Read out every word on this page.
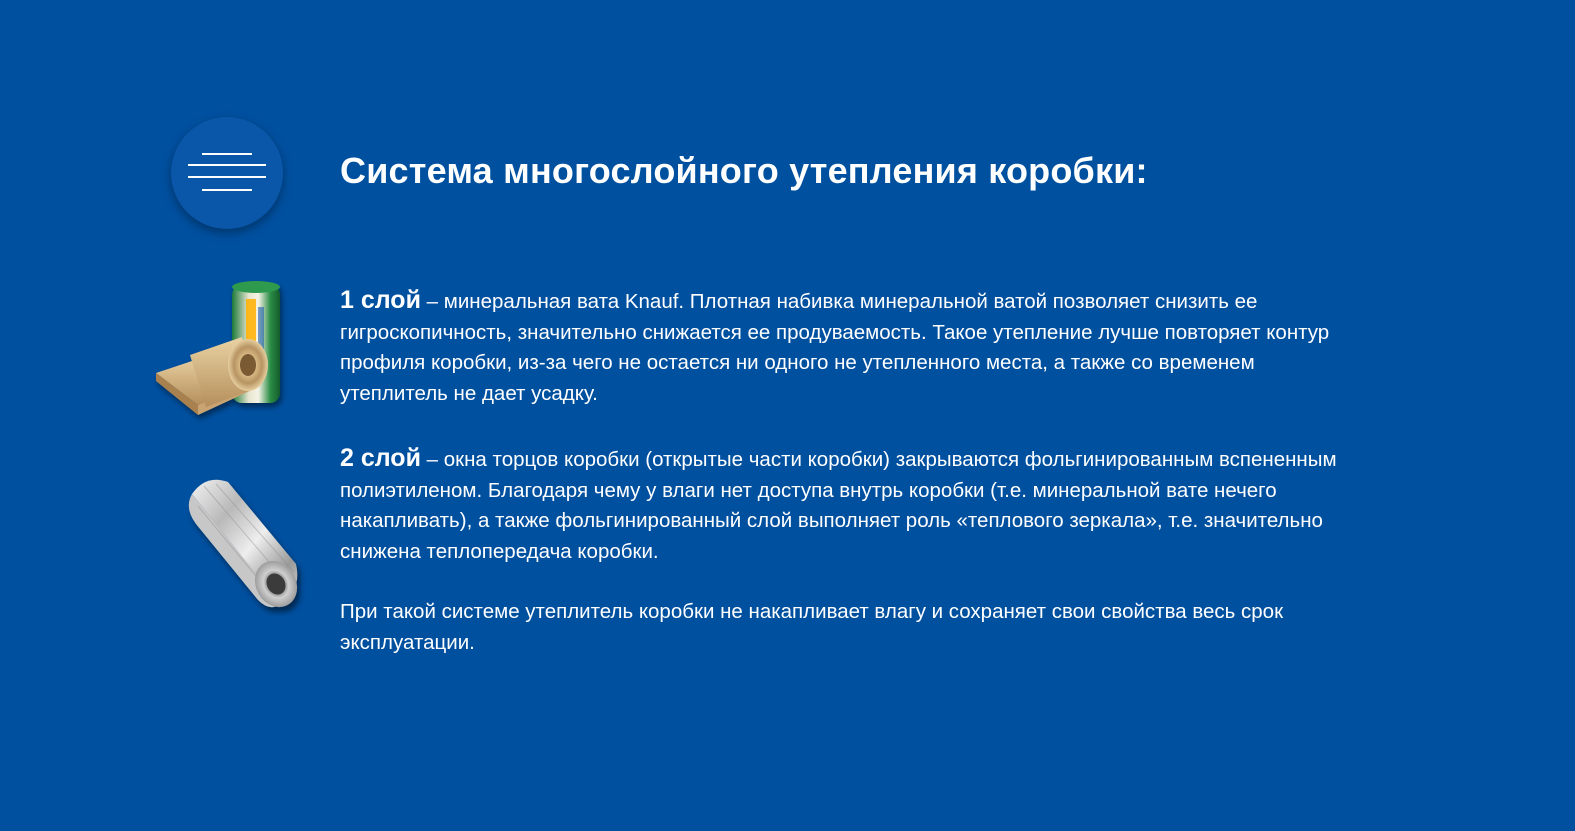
Система многослойного утепления коробки:

1 слой – минеральная вата Knauf. Плотная набивка минеральной ватой позволяет снизить ее гигроскопичность, значительно снижается ее продуваемость. Такое утепление лучше повторяет контур профиля коробки, из-за чего не остается ни одного не утепленного места, а также со временем утеплитель не дает усадку.

2 слой – окна торцов коробки (открытые части коробки) закрываются фольгинированным вспененным полиэтиленом. Благодаря чему у влаги нет доступа внутрь коробки (т.е. минеральной вате нечего накапливать), а также фольгинированный слой выполняет роль «теплового зеркала», т.е. значительно снижена теплопередача коробки.

При такой системе утеплитель коробки не накапливает влагу и сохраняет свои свойства весь срок эксплуатации.
